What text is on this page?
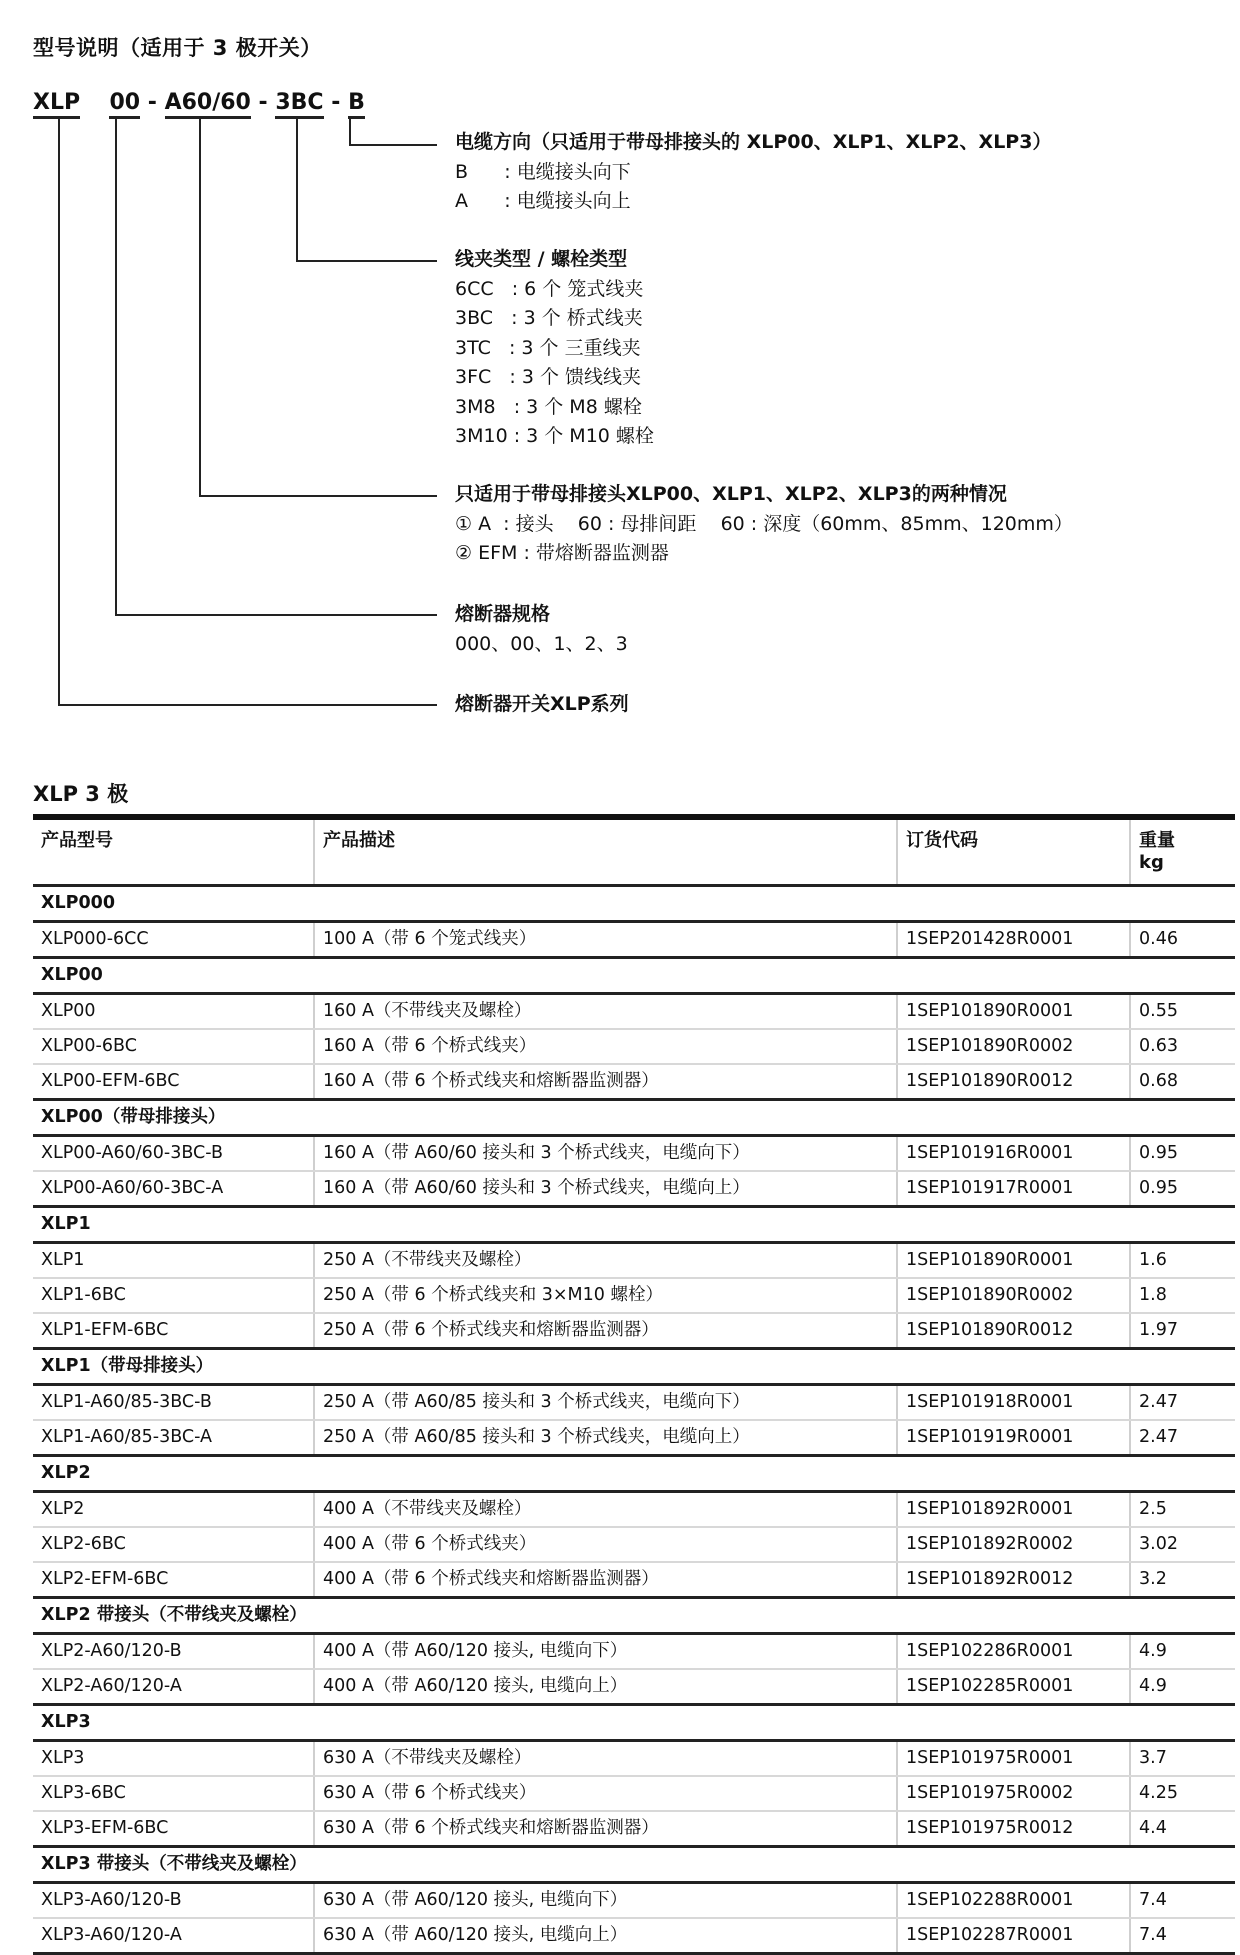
型号说明（适用于 3 极开关）
XLP 00 - A60/60 - 3BC - B
电缆方向（只适用于带母排接头的 XLP00、XLP1、XLP2、XLP3）
B      : 电缆接头向下
A      : 电缆接头向上
线夹类型 / 螺栓类型
6CC   : 6 个 笼式线夹
3BC   : 3 个 桥式线夹
3TC   : 3 个 三重线夹
3FC   : 3 个 馈线线夹
3M8   : 3 个 M8 螺栓
3M10 : 3 个 M10 螺栓
只适用于带母排接头XLP00、XLP1、XLP2、XLP3的两种情况
① A  : 接头    60 : 母排间距    60 : 深度（60mm、85mm、120mm）
② EFM : 带熔断器监测器
熔断器规格
000、00、1、2、3
熔断器开关XLP系列
XLP 3 极
产品型号	产品描述	订货代码	重量
kg

XLP000			
XLP000-6CC	100 A（带 6 个笼式线夹）	1SEP201428R0001	0.46
XLP00			
XLP00	160 A（不带线夹及螺栓）	1SEP101890R0001	0.55
XLP00-6BC	160 A（带 6 个桥式线夹）	1SEP101890R0002	0.63
XLP00-EFM-6BC	160 A（带 6 个桥式线夹和熔断器监测器）	1SEP101890R0012	0.68
XLP00（带母排接头）			
XLP00-A60/60-3BC-B	160 A（带 A60/60 接头和 3 个桥式线夹，电缆向下）	1SEP101916R0001	0.95
XLP00-A60/60-3BC-A	160 A（带 A60/60 接头和 3 个桥式线夹，电缆向上）	1SEP101917R0001	0.95
XLP1			
XLP1	250 A（不带线夹及螺栓）	1SEP101890R0001	1.6
XLP1-6BC	250 A（带 6 个桥式线夹和 3×M10 螺栓）	1SEP101890R0002	1.8
XLP1-EFM-6BC	250 A（带 6 个桥式线夹和熔断器监测器）	1SEP101890R0012	1.97
XLP1（带母排接头）			
XLP1-A60/85-3BC-B	250 A（带 A60/85 接头和 3 个桥式线夹，电缆向下）	1SEP101918R0001	2.47
XLP1-A60/85-3BC-A	250 A（带 A60/85 接头和 3 个桥式线夹，电缆向上）	1SEP101919R0001	2.47
XLP2			
XLP2	400 A（不带线夹及螺栓）	1SEP101892R0001	2.5
XLP2-6BC	400 A（带 6 个桥式线夹）	1SEP101892R0002	3.02
XLP2-EFM-6BC	400 A（带 6 个桥式线夹和熔断器监测器）	1SEP101892R0012	3.2
XLP2 带接头（不带线夹及螺栓）			
XLP2-A60/120-B	400 A（带 A60/120 接头, 电缆向下）	1SEP102286R0001	4.9
XLP2-A60/120-A	400 A（带 A60/120 接头, 电缆向上）	1SEP102285R0001	4.9
XLP3			
XLP3	630 A（不带线夹及螺栓）	1SEP101975R0001	3.7
XLP3-6BC	630 A（带 6 个桥式线夹）	1SEP101975R0002	4.25
XLP3-EFM-6BC	630 A（带 6 个桥式线夹和熔断器监测器）	1SEP101975R0012	4.4
XLP3 带接头（不带线夹及螺栓）			
XLP3-A60/120-B	630 A（带 A60/120 接头, 电缆向下）	1SEP102288R0001	7.4
XLP3-A60/120-A	630 A（带 A60/120 接头, 电缆向上）	1SEP102287R0001	7.4
